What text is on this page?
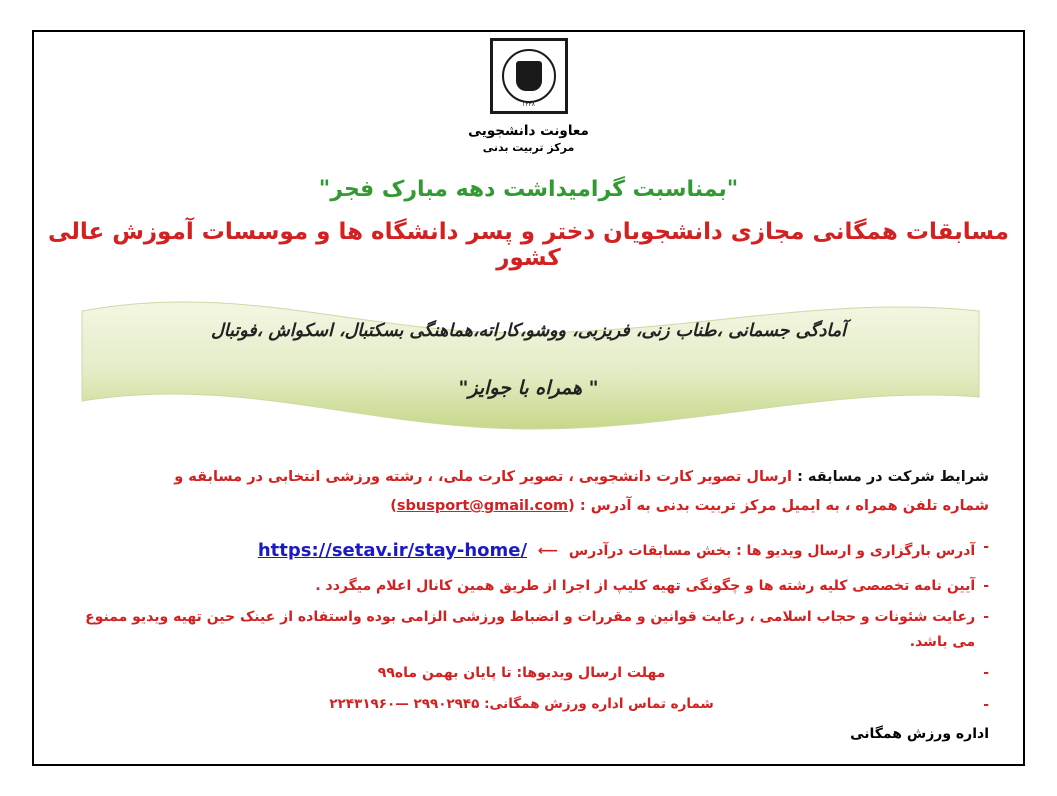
۱۳۳۸
معاونت دانشجویی
مرکز تربیت بدنی
"بمناسبت گرامیداشت دهه مبارک فجر"
مسابقات همگانی مجازی دانشجویان دختر و پسر دانشگاه ها و موسسات آموزش عالی کشور
آمادگی جسمانی ،طناب زنی، فریزبی، ووشو،کاراته،هماهنگی بسکتبال، اسکواش ،فوتبال
" همراه با جوایز"
شرایط شرکت در مسابقه : ارسال تصویر کارت دانشجویی ، تصویر کارت ملی، ، رشته ورزشی انتخابی در مسابقه و
شماره تلفن همراه ، به ایمیل مرکز تربیت بدنی به آدرس : (sbusport@gmail.com)
-
آدرس بارگزاری و ارسال ویدیو ها : بخش مسابقات درآدرس ⟵ https://setav.ir/stay-home/
-
آیین نامه تخصصی کلیه رشته ها و چگونگی تهیه کلیپ از اجرا از طریق همین کانال اعلام میگردد .
-
رعایت شئونات و حجاب اسلامی ، رعایت قوانین و مقررات و انضباط ورزشی الزامی بوده واستفاده از عینک حین تهیه ویدیو ممنوع می باشد.
-
مهلت ارسال ویدیوها: تا پایان بهمن ماه۹۹
-
شماره تماس اداره ورزش همگانی: ۲۹۹۰۲۹۴۵ —۲۲۴۳۱۹۶۰
اداره ورزش همگانی
